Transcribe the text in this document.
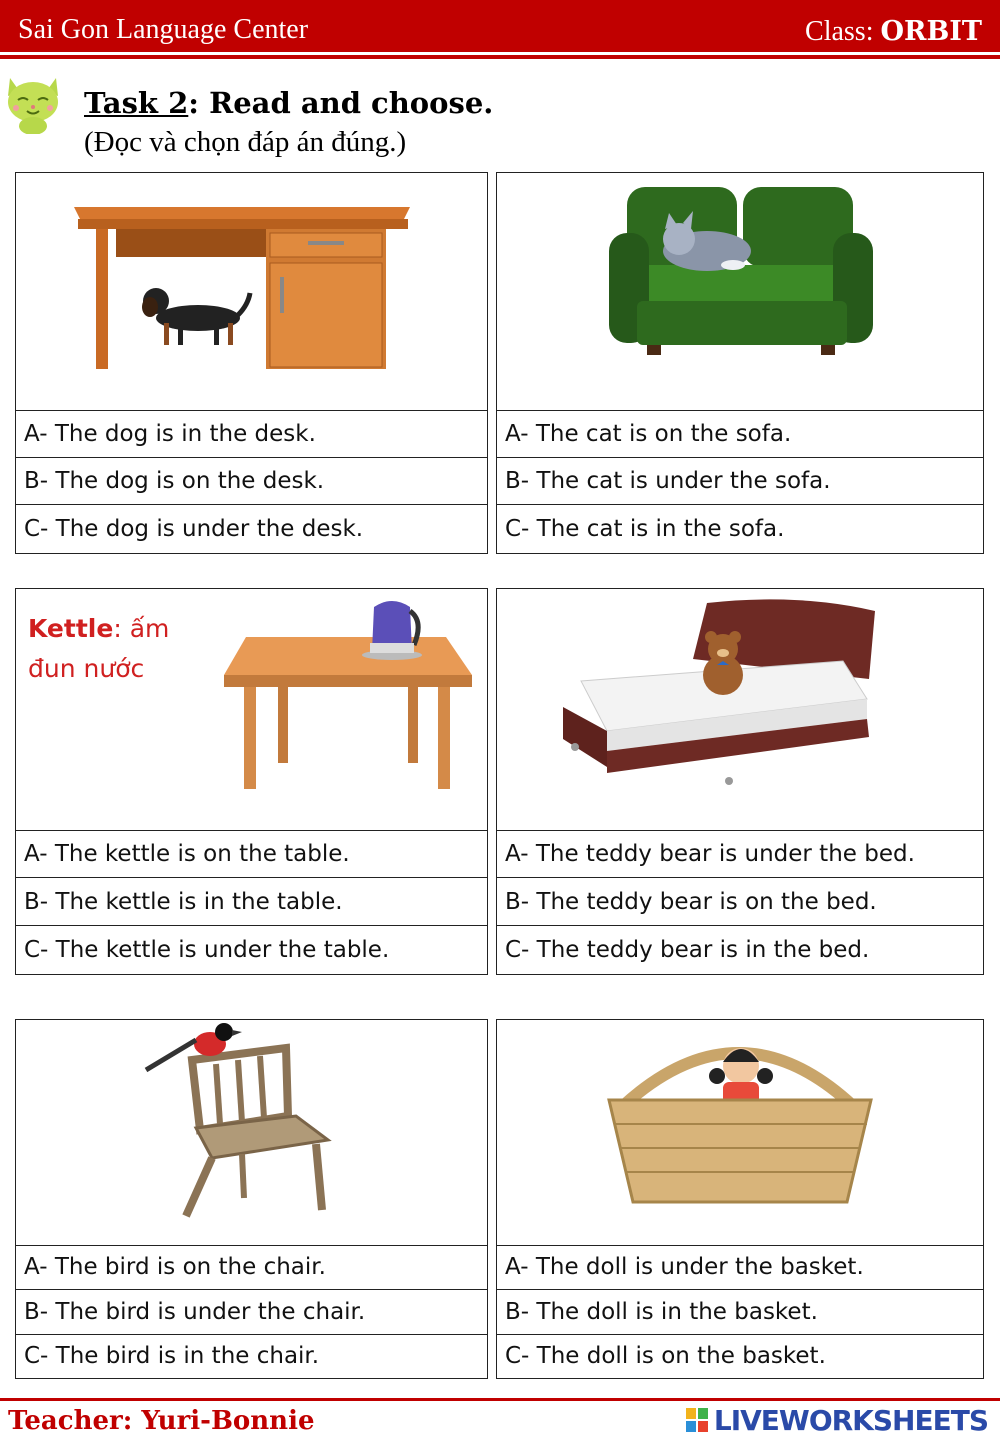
Sai Gon Language Center	Class: ORBIT
Task 2: Read and choose.
(Đọc và chọn đáp án đúng.)
A- The dog is in the desk.
B- The dog is on the desk.
C- The dog is under the desk.
A- The cat is on the sofa.
B- The cat is under the sofa.
C- The cat is in the sofa.
Kettle: ấm
đun nước
A- The kettle is on the table.
B- The kettle is in the table.
C- The kettle is under the table.
A- The teddy bear is under the bed.
B- The teddy bear is on the bed.
C- The teddy bear is in the bed.
A- The bird is on the chair.
B- The bird is under the chair.
C- The bird is in the chair.
A- The doll is under the basket.
B- The doll is in the basket.
C- The doll is on the basket.
Teacher: Yuri-Bonnie	LIVEWORKSHEETS
